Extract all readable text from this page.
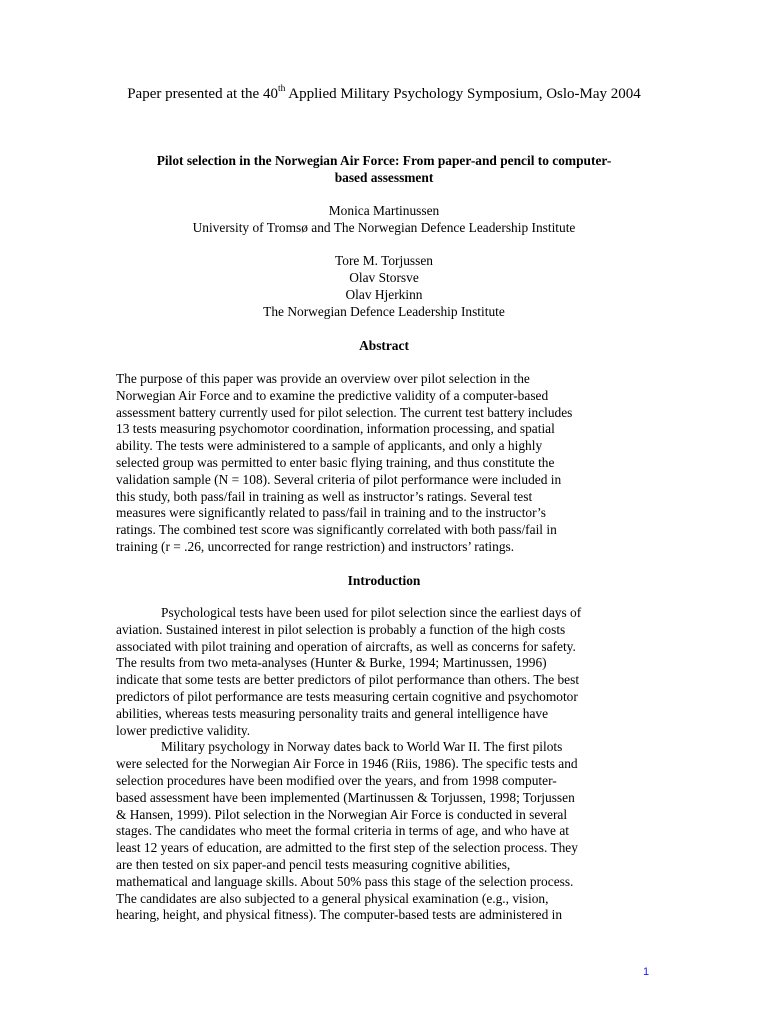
Paper presented at the 40th Applied Military Psychology Symposium, Oslo-May 2004
Pilot selection in the Norwegian Air Force: From paper-and pencil to computer-
based assessment
Monica Martinussen
University of Tromsø and The Norwegian Defence Leadership Institute
Tore M. Torjussen
Olav Storsve
Olav Hjerkinn
The Norwegian Defence Leadership Institute
Abstract
The purpose of this paper was provide an overview over pilot selection in the
Norwegian Air Force and to examine the predictive validity of a computer-based
assessment battery currently used for pilot selection. The current test battery includes
13 tests measuring psychomotor coordination, information processing, and spatial
ability. The tests were administered to a sample of applicants, and only a highly
selected group was permitted to enter basic flying training, and thus constitute the
validation sample (N = 108). Several criteria of pilot performance were included in
this study, both pass/fail in training as well as instructor’s ratings. Several test
measures were significantly related to pass/fail in training and to the instructor’s
ratings. The combined test score was significantly correlated with both pass/fail in
training (r = .26, uncorrected for range restriction) and instructors’ ratings.
Introduction
Psychological tests have been used for pilot selection since the earliest days of
aviation. Sustained interest in pilot selection is probably a function of the high costs
associated with pilot training and operation of aircrafts, as well as concerns for safety.
The results from two meta-analyses (Hunter & Burke, 1994; Martinussen, 1996)
indicate that some tests are better predictors of pilot performance than others. The best
predictors of pilot performance are tests measuring certain cognitive and psychomotor
abilities, whereas tests measuring personality traits and general intelligence have
lower predictive validity.
Military psychology in Norway dates back to World War II. The first pilots
were selected for the Norwegian Air Force in 1946 (Riis, 1986). The specific tests and
selection procedures have been modified over the years, and from 1998 computer-
based assessment have been implemented (Martinussen & Torjussen, 1998; Torjussen
& Hansen, 1999). Pilot selection in the Norwegian Air Force is conducted in several
stages. The candidates who meet the formal criteria in terms of age, and who have at
least 12 years of education, are admitted to the first step of the selection process. They
are then tested on six paper-and pencil tests measuring cognitive abilities,
mathematical and language skills. About 50% pass this stage of the selection process.
The candidates are also subjected to a general physical examination (e.g., vision,
hearing, height, and physical fitness). The computer-based tests are administered in
1
